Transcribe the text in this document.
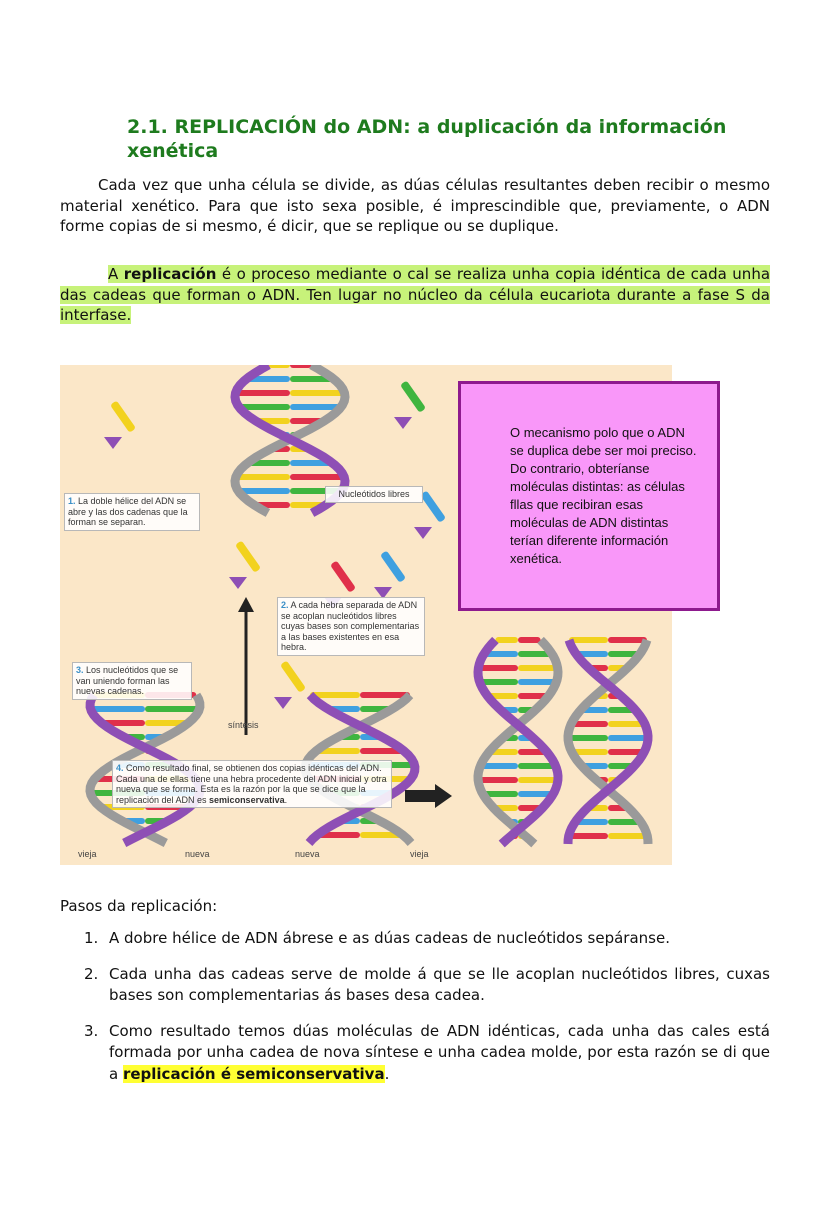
2.1. REPLICACIÓN do ADN: a duplicación da información xenética

Cada vez que unha célula se divide, as dúas células resultantes deben recibir o mesmo material xenético. Para que isto sexa posible, é imprescindible que, previamente, o ADN forme copias de si mesmo, é dicir, que se replique ou se duplique.

A replicación é o proceso mediante o cal se realiza unha copia idéntica de cada unha das cadeas que forman o ADN. Ten lugar no núcleo da célula eucariota durante a fase S da interfase.

1. La doble hélice del ADN se abre y las dos cadenas que la forman se separan.
Nucleótidos libres
2. A cada hebra separada de ADN se acoplan nucleótidos libres cuyas bases son complementarias a las bases existentes en esa hebra.
3. Los nucleótidos que se van uniendo forman las nuevas cadenas.
4. Como resultado final, se obtienen dos copias idénticas del ADN. Cada una de ellas tiene una hebra procedente del ADN inicial y otra nueva que se forma. Esta es la razón por la que se dice que la replicación del ADN es semiconservativa.
síntesis
vieja	nueva	nueva	vieja

O mecanismo polo que o ADN se duplica debe ser moi preciso. Do contrario, obteríanse moléculas distintas: as células fllas que recibiran esas moléculas de ADN distintas terían diferente información xenética.

Pasos da replicación:

1. A dobre hélice de ADN ábrese e as dúas cadeas de nucleótidos sepáranse.
2. Cada unha das cadeas serve de molde á que se lle acoplan nucleótidos libres, cuxas bases son complementarias ás bases desa cadea.
3. Como resultado temos dúas moléculas de ADN idénticas, cada unha das cales está formada por unha cadea de nova síntese e unha cadea molde, por esta razón se di que a replicación é semiconservativa.
